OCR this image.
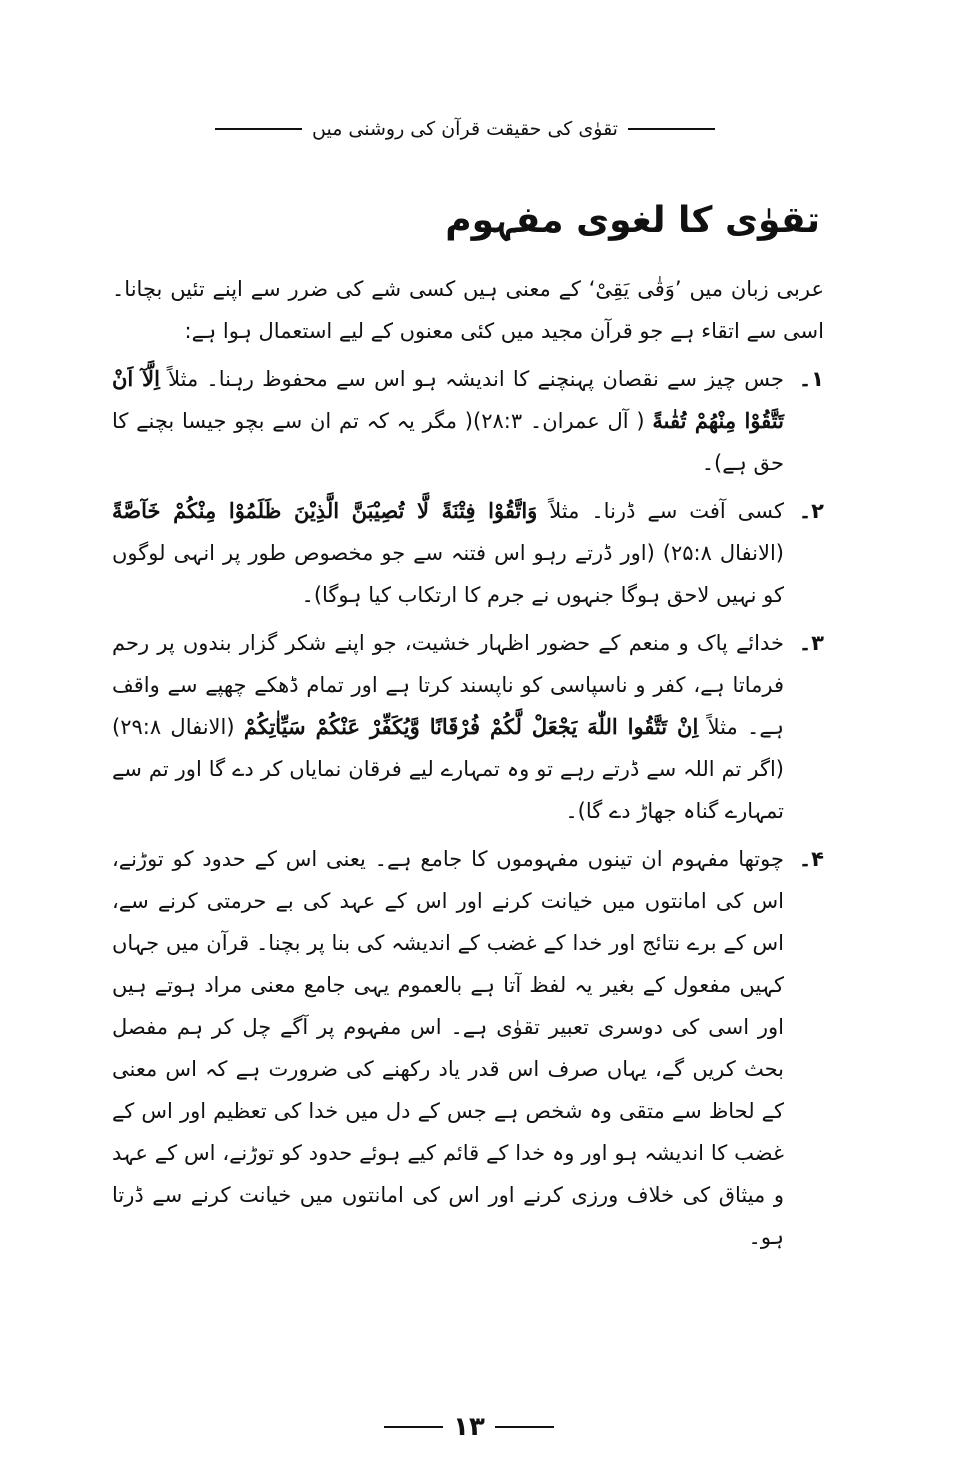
تقوٰی کی حقیقت قرآن کی روشنی میں
تقوٰی کا لغوی مفہوم

عربی زبان میں ’وَقٰی یَقِیْ‘ کے معنی ہیں کسی شے کی ضرر سے اپنے تئیں بچانا۔ اسی سے اتقاء ہے جو قرآن مجید میں کئی معنوں کے لیے استعمال ہوا ہے:

۱۔
جس چیز سے نقصان پہنچنے کا اندیشہ ہو اس سے محفوظ رہنا۔ مثلاً اِلَّآ اَنْ تَتَّقُوْا مِنْهُمْ تُقٰىةً ( آل عمران۔ ۲۸:۳)( مگر یہ کہ تم ان سے بچو جیسا بچنے کا حق ہے)۔

۲۔
کسی آفت سے ڈرنا۔ مثلاً وَاتَّقُوْا فِتْنَةً لَّا تُصِيْبَنَّ الَّذِيْنَ ظَلَمُوْا مِنْكُمْ خَآصَّةً (الانفال ۲۵:۸) (اور ڈرتے رہو اس فتنہ سے جو مخصوص طور پر انہی لوگوں کو نہیں لاحق ہوگا جنہوں نے جرم کا ارتکاب کیا ہوگا)۔

۳۔
خدائے پاک و منعم کے حضور اظہار خشیت، جو اپنے شکر گزار بندوں پر رحم فرماتا ہے، کفر و ناسپاسی کو ناپسند کرتا ہے اور تمام ڈھکے چھپے سے واقف ہے۔ مثلاً اِنْ تَتَّقُوا اللّٰهَ يَجْعَلْ لَّكُمْ فُرْقَانًا وَّيُكَفِّرْ عَنْكُمْ سَيِّاٰتِكُمْ (الانفال ۲۹:۸) (اگر تم اللہ سے ڈرتے رہے تو وہ تمہارے لیے فرقان نمایاں کر دے گا اور تم سے تمہارے گناہ جھاڑ دے گا)۔

۴۔
چوتھا مفہوم ان تینوں مفہوموں کا جامع ہے۔ یعنی اس کے حدود کو توڑنے، اس کی امانتوں میں خیانت کرنے اور اس کے عہد کی بے حرمتی کرنے سے، اس کے برے نتائج اور خدا کے غضب کے اندیشہ کی بنا پر بچنا۔ قرآن میں جہاں کہیں مفعول کے بغیر یہ لفظ آتا ہے بالعموم یہی جامع معنی مراد ہوتے ہیں اور اسی کی دوسری تعبیر تقوٰی ہے۔ اس مفہوم پر آگے چل کر ہم مفصل بحث کریں گے، یہاں صرف اس قدر یاد رکھنے کی ضرورت ہے کہ اس معنی کے لحاظ سے متقی وہ شخص ہے جس کے دل میں خدا کی تعظیم اور اس کے غضب کا اندیشہ ہو اور وہ خدا کے قائم کیے ہوئے حدود کو توڑنے، اس کے عہد و میثاق کی خلاف ورزی کرنے اور اس کی امانتوں میں خیانت کرنے سے ڈرتا ہو۔

۱۳
